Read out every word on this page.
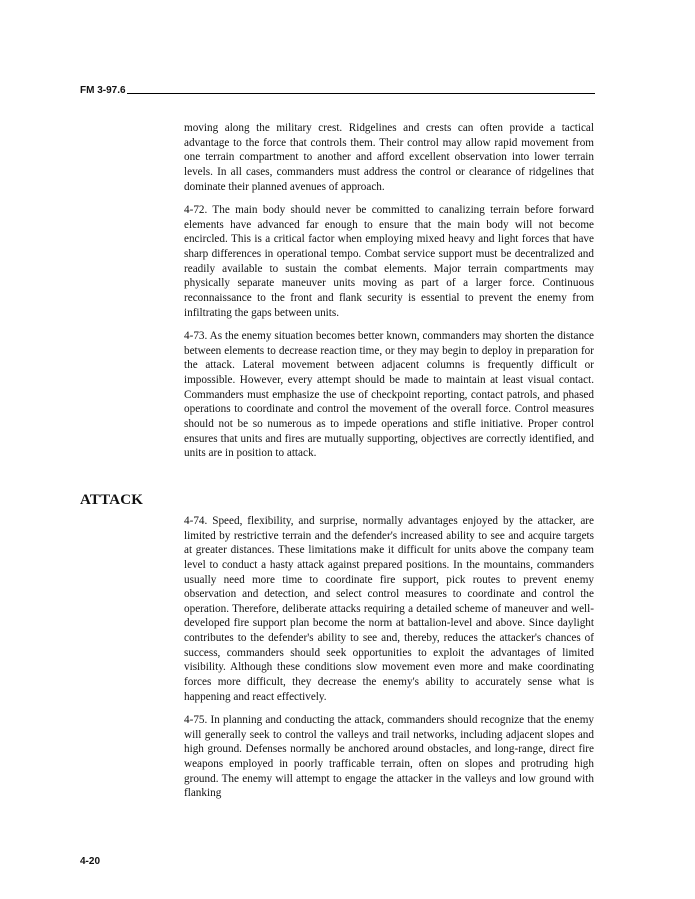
FM 3-97.6

moving along the military crest. Ridgelines and crests can often provide a tactical advantage to the force that controls them. Their control may allow rapid movement from one terrain compartment to another and afford excellent observation into lower terrain levels. In all cases, commanders must address the control or clearance of ridgelines that dominate their planned avenues of approach.

4-72. The main body should never be committed to canalizing terrain before forward elements have advanced far enough to ensure that the main body will not become encircled. This is a critical factor when employing mixed heavy and light forces that have sharp differences in operational tempo. Combat service support must be decentralized and readily available to sustain the combat elements. Major terrain compartments may physically separate maneuver units moving as part of a larger force. Continuous reconnaissance to the front and flank security is essential to prevent the enemy from infiltrating the gaps between units.

4-73. As the enemy situation becomes better known, commanders may shorten the distance between elements to decrease reaction time, or they may begin to deploy in preparation for the attack. Lateral movement between adjacent columns is frequently difficult or impossible. However, every attempt should be made to maintain at least visual contact. Commanders must emphasize the use of checkpoint reporting, contact patrols, and phased operations to coordinate and control the movement of the overall force. Control measures should not be so numerous as to impede operations and stifle initiative. Proper control ensures that units and fires are mutually supporting, objectives are correctly identified, and units are in position to attack.

ATTACK

4-74. Speed, flexibility, and surprise, normally advantages enjoyed by the attacker, are limited by restrictive terrain and the defender's increased ability to see and acquire targets at greater distances. These limitations make it difficult for units above the company team level to conduct a hasty attack against prepared positions. In the mountains, commanders usually need more time to coordinate fire support, pick routes to prevent enemy observation and detection, and select control measures to coordinate and control the operation. Therefore, deliberate attacks requiring a detailed scheme of maneuver and well-developed fire support plan become the norm at battalion-level and above. Since daylight contributes to the defender's ability to see and, thereby, reduces the attacker's chances of success, commanders should seek opportunities to exploit the advantages of limited visibility. Although these conditions slow movement even more and make coordinating forces more difficult, they decrease the enemy's ability to accurately sense what is happening and react effectively.

4-75. In planning and conducting the attack, commanders should recognize that the enemy will generally seek to control the valleys and trail networks, including adjacent slopes and high ground. Defenses normally be anchored around obstacles, and long-range, direct fire weapons employed in poorly trafficable terrain, often on slopes and protruding high ground. The enemy will attempt to engage the attacker in the valleys and low ground with flanking

4-20
